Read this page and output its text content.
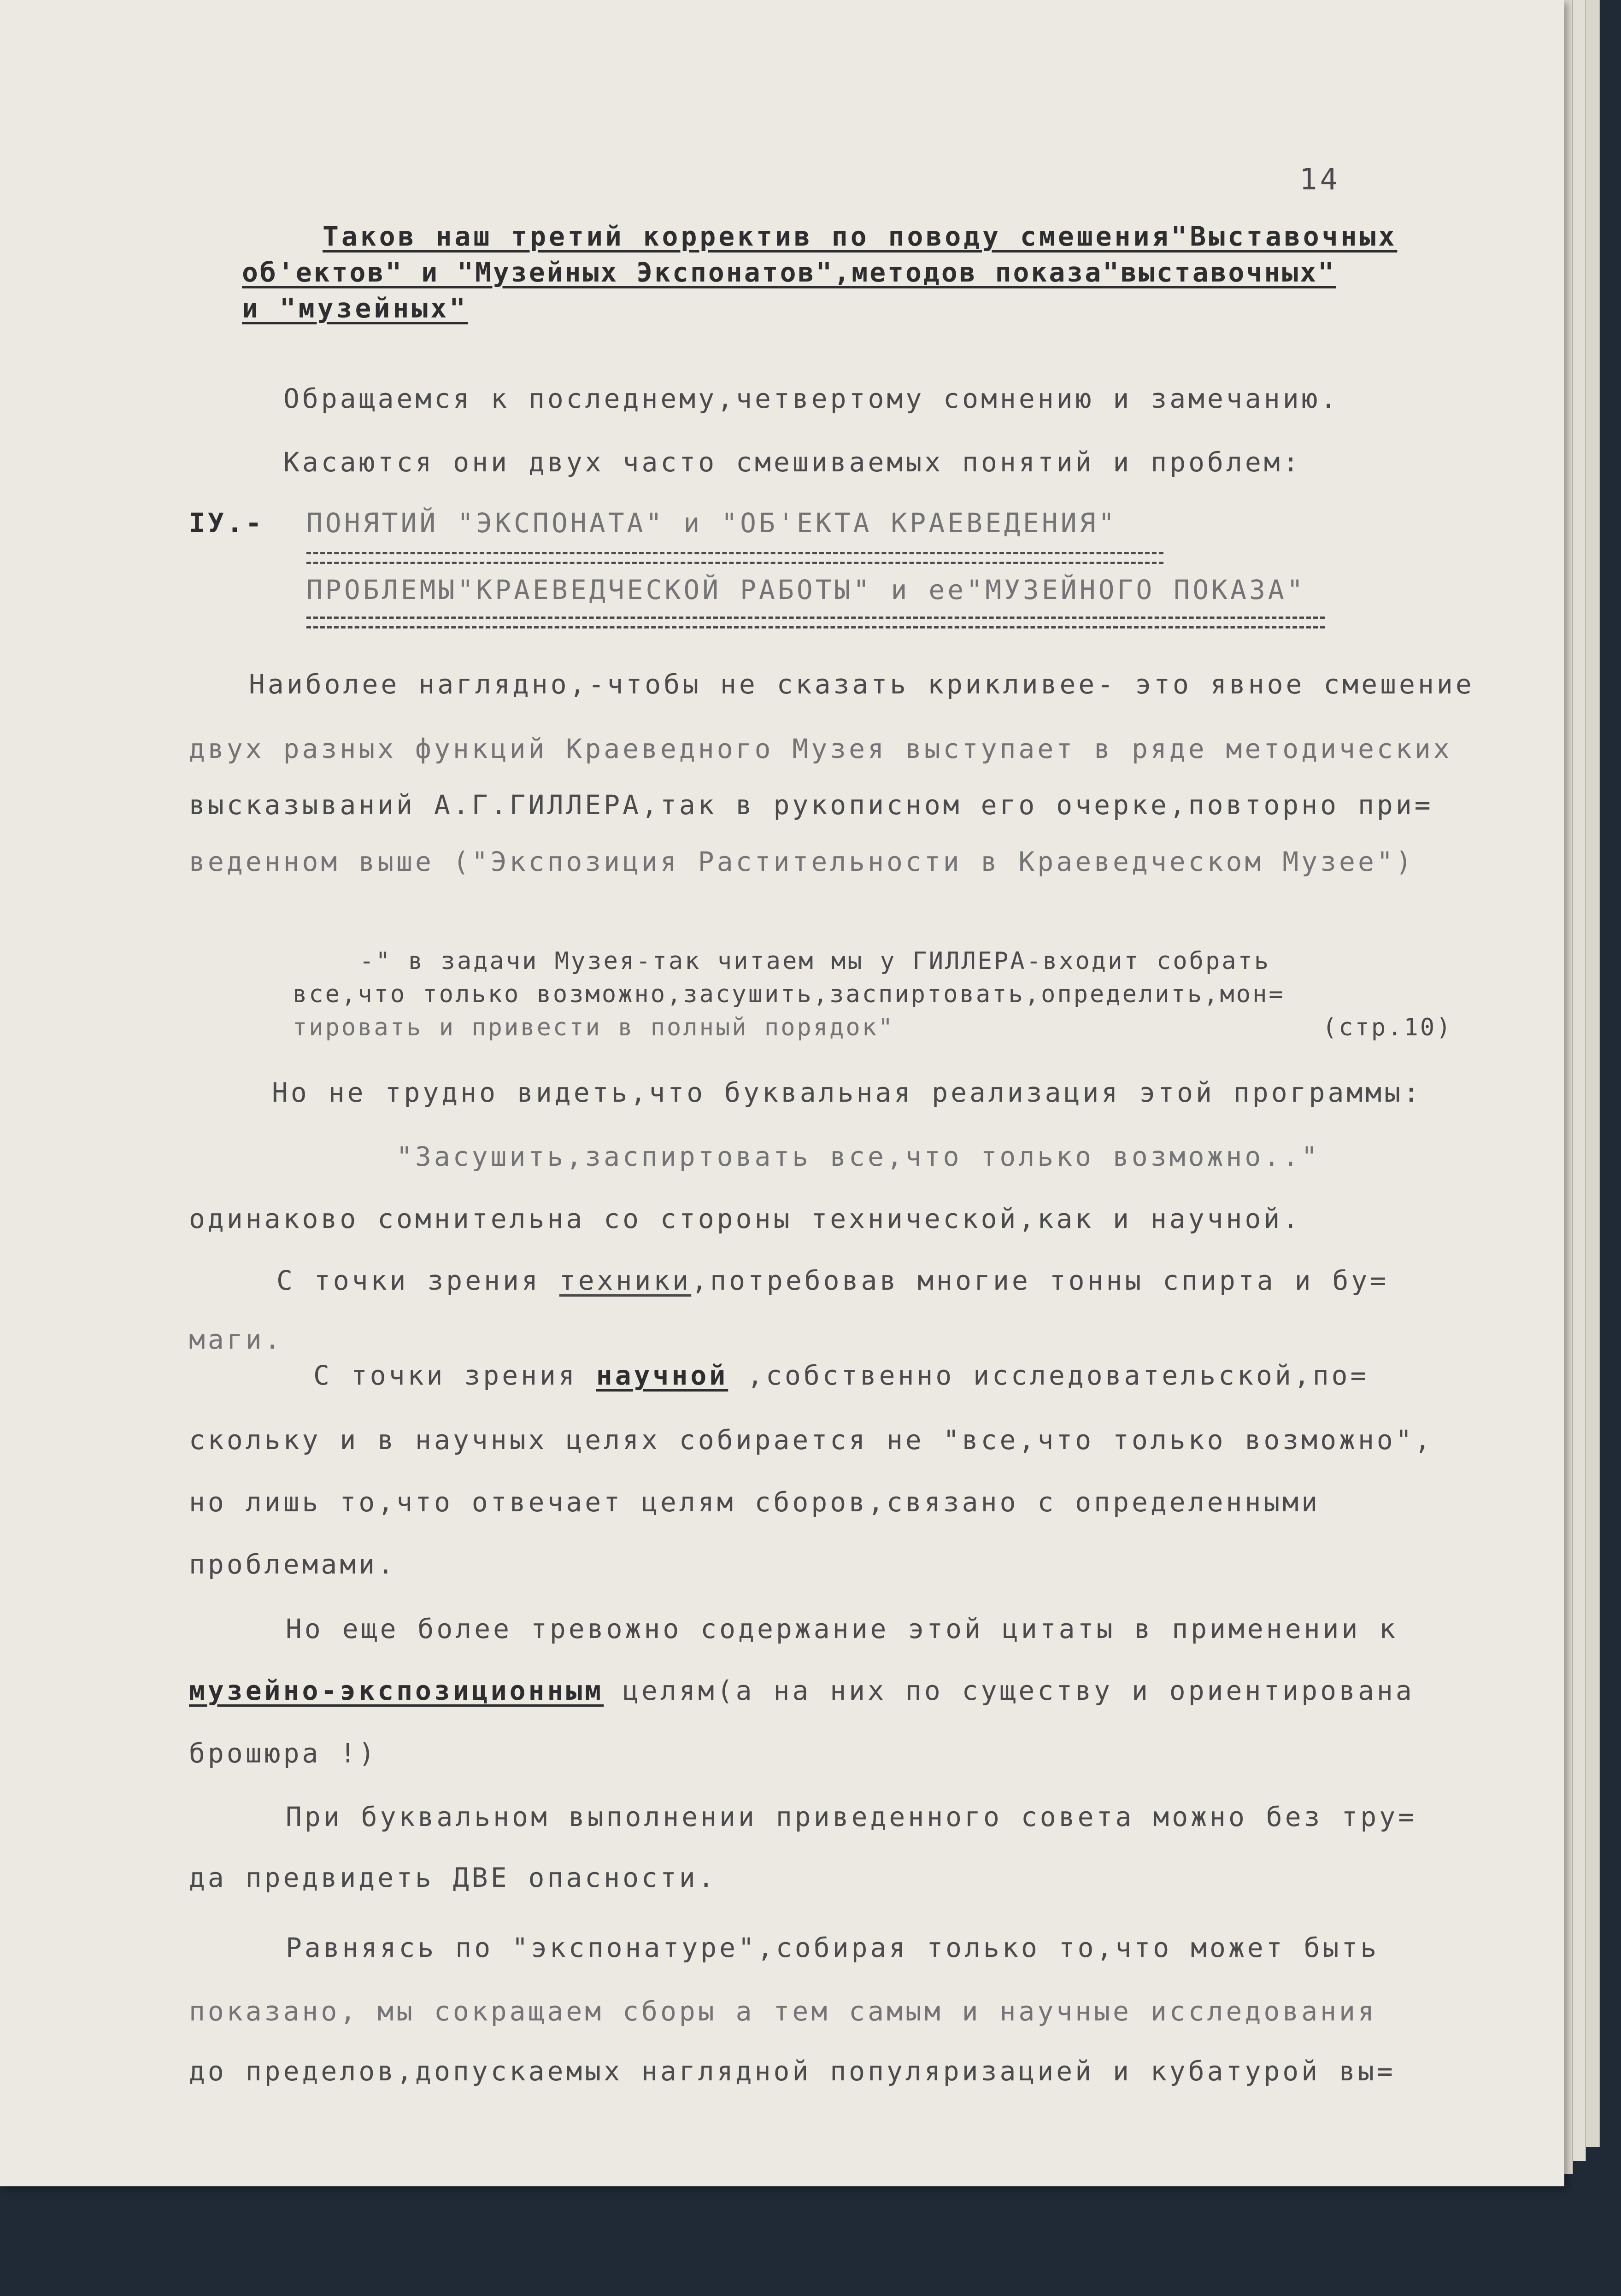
14
Таков наш третий корректив по поводу смешения"Выставочных
об'ектов" и "Музейных Экспонатов",методов показа"выставочных"
и "музейных"
Обращаемся к последнему,четвертому сомнению и замечанию.
Касаются они двух часто смешиваемых понятий и проблем:
IУ.- ПОНЯТИЙ "ЭКСПОНАТА" и "ОБ'ЕКТА КРАЕВЕДЕНИЯ"
ПРОБЛЕМЫ"КРАЕВЕДЧЕСКОЙ РАБОТЫ" и ее"МУЗЕЙНОГО ПОКАЗА"
Наиболее наглядно,-чтобы не сказать крикливее- это явное смешение
двух разных функций Краеведного Музея выступает в ряде методических
высказываний А.Г.ГИЛЛЕРА,так в рукописном его очерке,повторно при=
веденном выше ("Экспозиция Растительности в Краеведческом Музее")
-" в задачи Музея-так читаем мы у ГИЛЛЕРА-входит собрать
все,что только возможно,засушить,заспиртовать,определить,мон=
тировать и привести в полный порядок"	(стр.10)
Но не трудно видеть,что буквальная реализация этой программы:
"Засушить,заспиртовать все,что только возможно.."
одинаково сомнительна со стороны технической,как и научной.
С точки зрения техники,потребовав многие тонны спирта и бу=
маги.
С точки зрения научной ,собственно исследовательской,по=
скольку и в научных целях собирается не "все,что только возможно",
но лишь то,что отвечает целям сборов,связано с определенными
проблемами.
Но еще более тревожно содержание этой цитаты в применении к
музейно-экспозиционным целям(а на них по существу и ориентирована
брошюра !)
При буквальном выполнении приведенного совета можно без тру=
да предвидеть ДВЕ опасности.
Равняясь по "экспонатуре",собирая только то,что может быть
показано, мы сокращаем сборы а тем самым и научные исследования
до пределов,допускаемых наглядной популяризацией и кубатурой вы=
